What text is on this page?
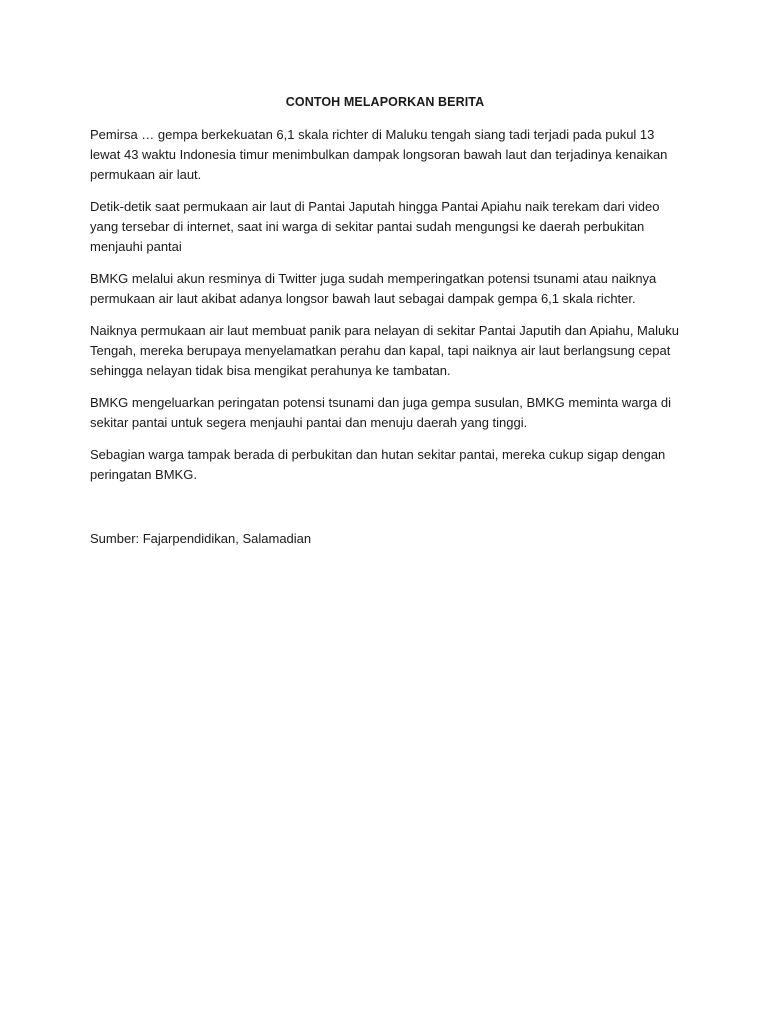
CONTOH MELAPORKAN BERITA
Pemirsa … gempa berkekuatan 6,1 skala richter di Maluku tengah siang tadi terjadi pada pukul 13 lewat 43 waktu Indonesia timur menimbulkan dampak longsoran bawah laut dan terjadinya kenaikan permukaan air laut.
Detik-detik saat permukaan air laut di Pantai Japutah hingga Pantai Apiahu naik terekam dari video yang tersebar di internet, saat ini warga di sekitar pantai sudah mengungsi ke daerah perbukitan menjauhi pantai
BMKG melalui akun resminya di Twitter juga sudah memperingatkan potensi tsunami atau naiknya permukaan air laut akibat adanya longsor bawah laut sebagai dampak gempa 6,1 skala richter.
Naiknya permukaan air laut membuat panik para nelayan di sekitar Pantai Japutih dan Apiahu, Maluku Tengah, mereka berupaya menyelamatkan perahu dan kapal, tapi naiknya air laut berlangsung cepat sehingga nelayan tidak bisa mengikat perahunya ke tambatan.
BMKG mengeluarkan peringatan potensi tsunami dan juga gempa susulan, BMKG meminta warga di sekitar pantai untuk segera menjauhi pantai dan menuju daerah yang tinggi.
Sebagian warga tampak berada di perbukitan dan hutan sekitar pantai, mereka cukup sigap dengan peringatan BMKG.
Sumber: Fajarpendidikan, Salamadian
